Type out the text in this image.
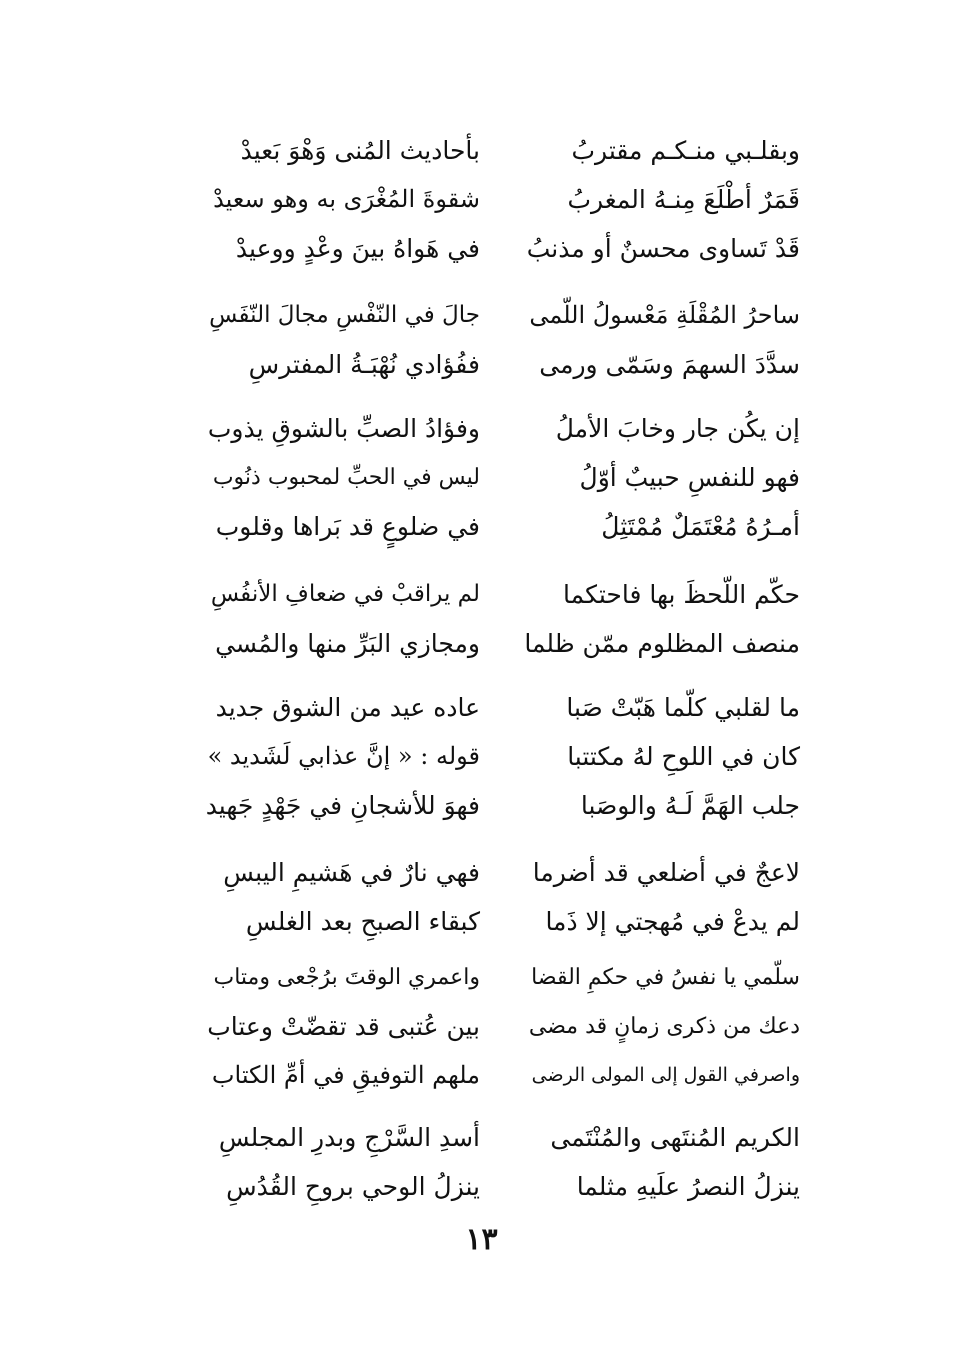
وبقلـبي منـكـم مقتربُ
بأحاديث المُنى وَهْوَ بَعيدْ
قَمَرٌ أطْلَعَ مِنـهُ المغربُ
شقوةَ المُغْرَى به وهو سعيدْ
قَدْ تَساوى محسنٌ أو مذنبُ
في هَواهُ بينَ وعْدٍ ووعيدْ
ساحرُ المُقْلَةِ مَعْسولُ اللّمى
جالَ في النّفْسِ مجالَ النّفَسِ
سدَّدَ السهمَ وسَمّى ورمى
ففُؤادي نُهْبَـةُ المفترسِ
إن يكُن جار وخابَ الأملُ
وفؤادُ الصبِّ بالشوقِ يذوب
فهو للنفسِ حبيبٌ أوّلُ
ليس في الحبِّ لمحبوب ذنُوب
أمـرُهُ مُعْتَمَلٌ مُمْتَثِلُ
في ضلوعٍ قد بَراها وقلوب
حكّم اللّحظَ بها فاحتكما
لم يراقبْ في ضعافِ الأنفُسِ
منصف المظلوم ممّن ظلما
ومجازي البَرِّ منها والمُسي
ما لقلبي كلّما هَبّتْ صَبا
عاده عيد من الشوق جديد
كان في اللوحِ لهُ مكتتبا
قوله : « إنَّ عذابي لَشَديد »
جلب الهَمَّ لَـهُ والوصَبا
فهوَ للأشجانِ في جَهْدٍ جَهيد
لاعجٌ في أضلعي قد أضرما
فهي نارٌ في هَشيمِ اليبسِ
لم يدعْ في مُهجتي إلا ذَما
كبقاء الصبحِ بعد الغلسِ
سلّمي يا نفسُ في حكمِ القضا
واعمري الوقتَ برُجْعى ومتاب
دعك من ذكرى زمانٍ قد مضى
بين عُتبى قد تقضّتْ وعتاب
واصرفي القول إلى المولى الرضى
ملهم التوفيقِ في أمِّ الكتاب
الكريم المُنتَهى والمُنْتَمى
أسدِ السَّرْجِ وبدرِ المجلسِ
ينزلُ النصرُ علَيهِ مثلما
ينزلُ الوحي بروحِ القُدُسِ
١٣
